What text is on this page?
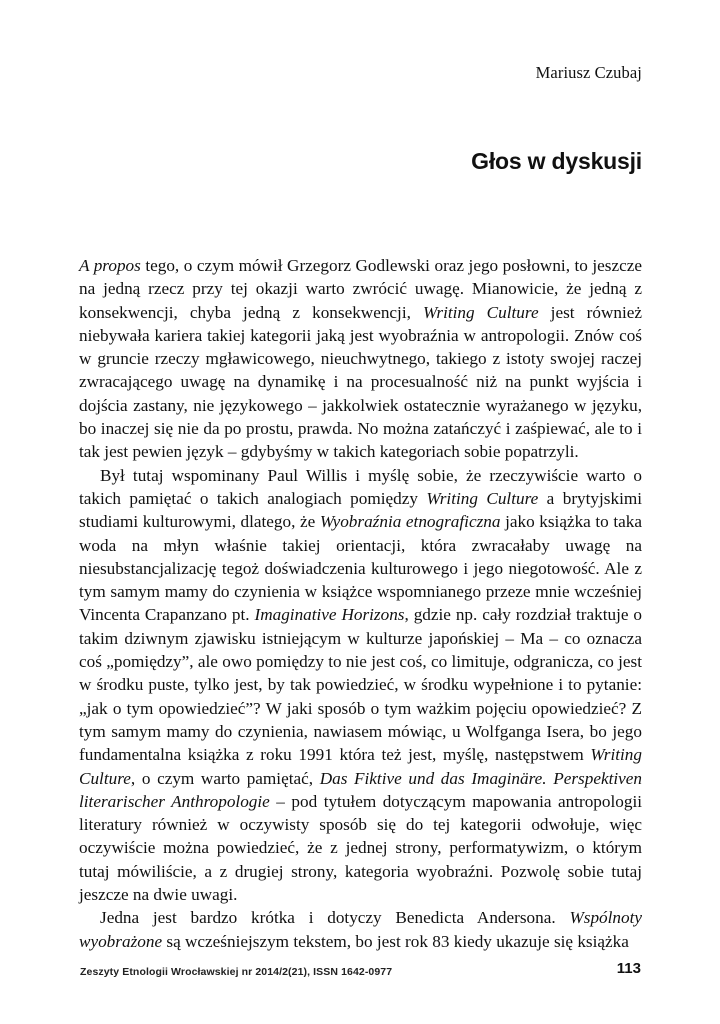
Mariusz Czubaj
Głos w dyskusji

A propos tego, o czym mówił Grzegorz Godlewski oraz jego posłowni, to jeszcze na jedną rzecz przy tej okazji warto zwrócić uwagę. Mianowicie, że jedną z konsekwencji, chyba jedną z konsekwencji, Writing Culture jest również niebywała kariera takiej kategorii jaką jest wyobraźnia w antropologii. Znów coś w gruncie rzeczy mgławicowego, nieuchwytnego, takiego z istoty swojej raczej zwracającego uwagę na dynamikę i na procesualność niż na punkt wyjścia i dojścia zastany, nie językowego – jakkolwiek ostatecznie wyrażanego w języku, bo inaczej się nie da po prostu, prawda. No można zatańczyć i zaśpiewać, ale to i tak jest pewien język – gdybyśmy w takich kategoriach sobie popatrzyli.

Był tutaj wspominany Paul Willis i myślę sobie, że rzeczywiście warto o takich pamiętać o takich analogiach pomiędzy Writing Culture a brytyjskimi studiami kulturowymi, dlatego, że Wyobraźnia etnograficzna jako książka to taka woda na młyn właśnie takiej orientacji, która zwracałaby uwagę na niesubstancjalizację tegoż doświadczenia kulturowego i jego niegotowość. Ale z tym samym mamy do czynienia w książce wspomnianego przeze mnie wcześniej Vincenta Crapanzano pt. Imaginative Horizons, gdzie np. cały rozdział traktuje o takim dziwnym zjawisku istniejącym w kulturze japońskiej – Ma – co oznacza coś „pomiędzy”, ale owo pomiędzy to nie jest coś, co limituje, odgranicza, co jest w środku puste, tylko jest, by tak powiedzieć, w środku wypełnione i to pytanie: „jak o tym opowiedzieć”? W jaki sposób o tym ważkim pojęciu opowiedzieć? Z tym samym mamy do czynienia, nawiasem mówiąc, u Wolfganga Isera, bo jego fundamentalna książka z roku 1991 która też jest, myślę, następstwem Writing Culture, o czym warto pamiętać, Das Fiktive und das Imaginäre. Perspektiven literarischer Anthropologie – pod tytułem dotyczącym mapowania antropologii literatury również w oczywisty sposób się do tej kategorii odwołuje, więc oczywiście można powiedzieć, że z jednej strony, performatywizm, o którym tutaj mówiliście, a z drugiej strony, kategoria wyobraźni. Pozwolę sobie tutaj jeszcze na dwie uwagi.

Jedna jest bardzo krótka i dotyczy Benedicta Andersona. Wspólnoty wyobrażone są wcześniejszym tekstem, bo jest rok 83 kiedy ukazuje się książka

Zeszyty Etnologii Wrocławskiej nr 2014/2(21), ISSN 1642-0977	113
